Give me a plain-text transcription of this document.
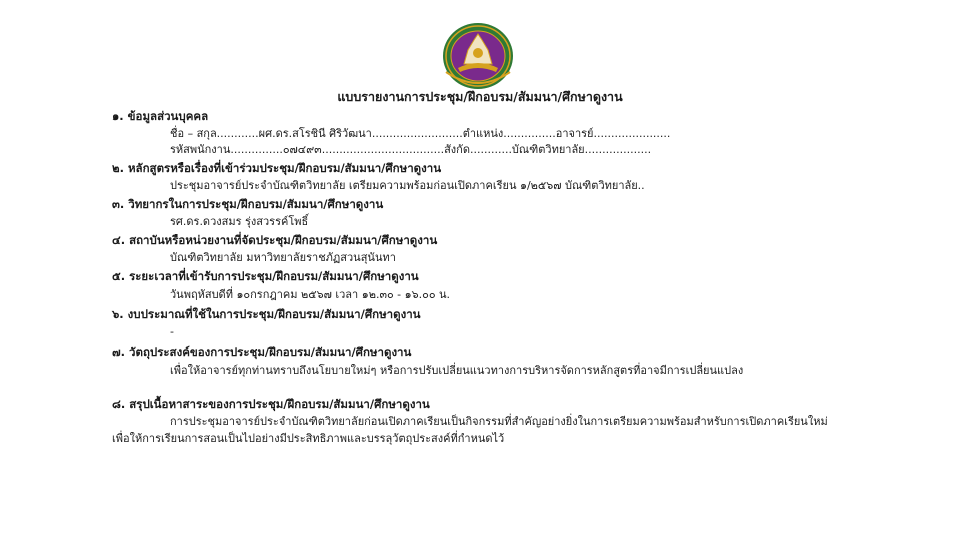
แบบรายงานการประชุม/ฝึกอบรม/สัมมนา/ศึกษาดูงาน
๑. ข้อมูลส่วนบุคคล
ชื่อ – สกุล............ผศ.ดร.สโรชินี ศิริวัฒนา..........................ตำแหน่ง...............อาจารย์......................
รหัสพนักงาน...............๐๗๔๙๓...................................สังกัด............บัณฑิตวิทยาลัย...................
๒. หลักสูตรหรือเรื่องที่เข้าร่วมประชุม/ฝึกอบรม/สัมมนา/ศึกษาดูงาน
ประชุมอาจารย์ประจำบัณฑิตวิทยาลัย เตรียมความพร้อมก่อนเปิดภาคเรียน ๑/๒๕๖๗ บัณฑิตวิทยาลัย..
๓. วิทยากรในการประชุม/ฝึกอบรม/สัมมนา/ศึกษาดูงาน
รศ.ดร.ดวงสมร รุ่งสวรรค์โพธิ์
๔. สถาบันหรือหน่วยงานที่จัดประชุม/ฝึกอบรม/สัมมนา/ศึกษาดูงาน
บัณฑิตวิทยาลัย มหาวิทยาลัยราชภัฏสวนสุนันทา
๕. ระยะเวลาที่เข้ารับการประชุม/ฝึกอบรม/สัมมนา/ศึกษาดูงาน
วันพฤหัสบดีที่ ๑๐กรกฎาคม ๒๕๖๗ เวลา ๑๒.๓๐ - ๑๖.๐๐ น.
๖. งบประมาณที่ใช้ในการประชุม/ฝึกอบรม/สัมมนา/ศึกษาดูงาน
-
๗. วัตถุประสงค์ของการประชุม/ฝึกอบรม/สัมมนา/ศึกษาดูงาน
เพื่อให้อาจารย์ทุกท่านทราบถึงนโยบายใหม่ๆ หรือการปรับเปลี่ยนแนวทางการบริหารจัดการหลักสูตรที่อาจมีการเปลี่ยนแปลง
๘. สรุปเนื้อหาสาระของการประชุม/ฝึกอบรม/สัมมนา/ศึกษาดูงาน
การประชุมอาจารย์ประจำบัณฑิตวิทยาลัยก่อนเปิดภาคเรียนเป็นกิจกรรมที่สำคัญอย่างยิ่งในการเตรียมความพร้อมสำหรับการเปิดภาคเรียนใหม่ เพื่อให้การเรียนการสอนเป็นไปอย่างมีประสิทธิภาพและบรรลุวัตถุประสงค์ที่กำหนดไว้
